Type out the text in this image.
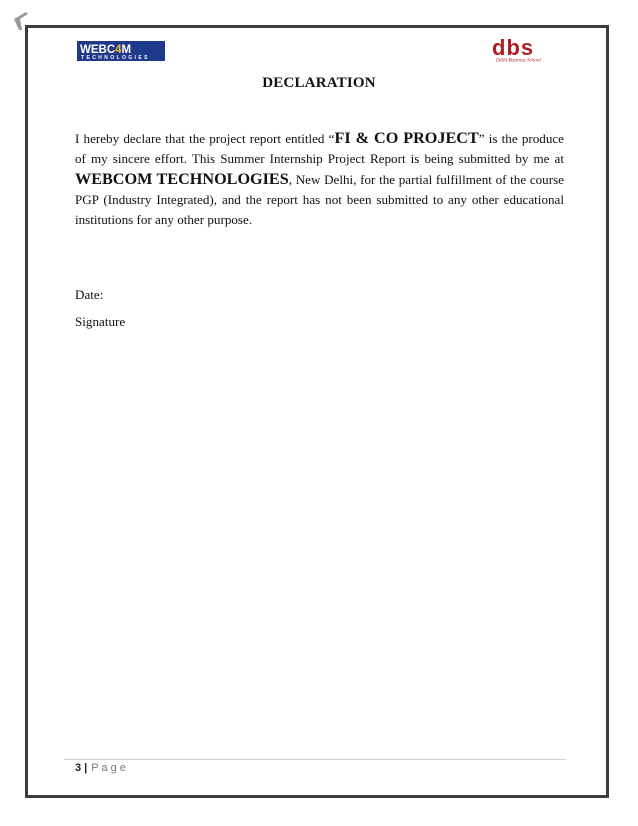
WEBC4M
TECHNOLOGIES	dbs
Delhi Business School
DECLARATION

I hereby declare that the project report entitled “FI & CO PROJECT” is the produce of my sincere effort. This Summer Internship Project Report is being submitted by me at WEBCOM TECHNOLOGIES, New Delhi, for the partial fulfillment of the course PGP (Industry Integrated), and the report has not been submitted to any other educational institutions for any other purpose.

Date:
Signature
3 | Page
